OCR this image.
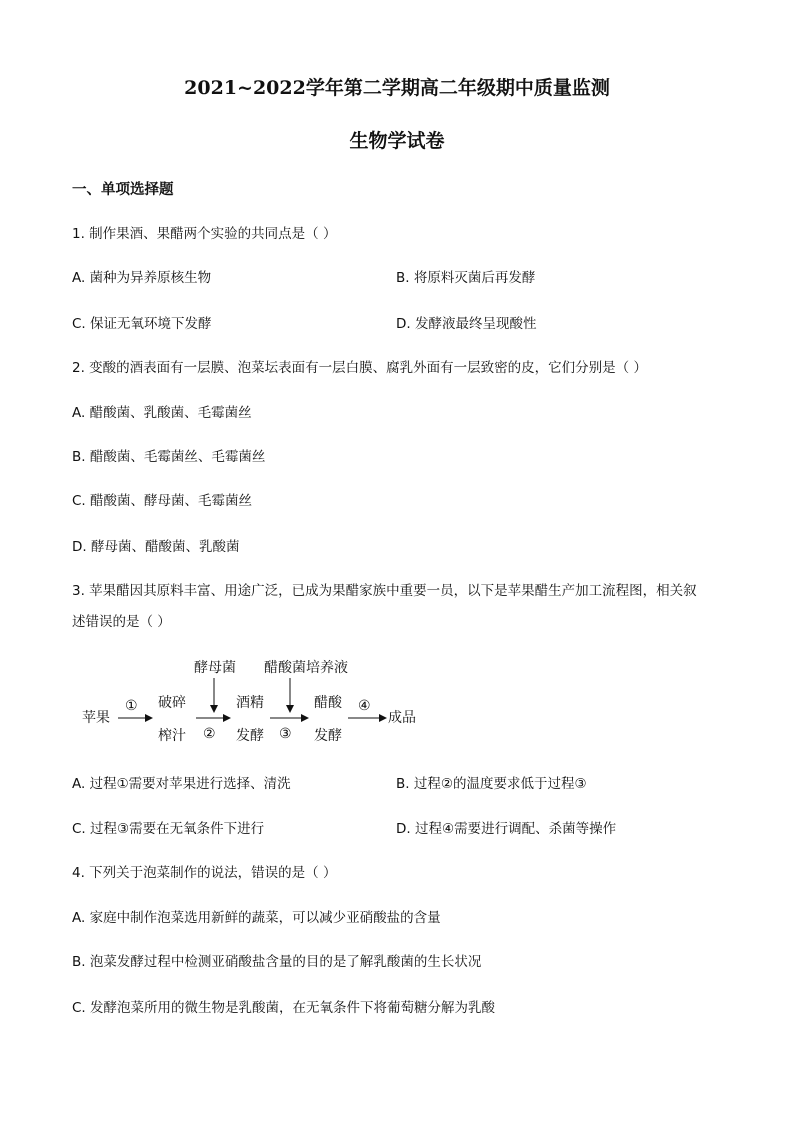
2021~2022学年第二学期高二年级期中质量监测
生物学试卷
一、单项选择题
1. 制作果酒、果醋两个实验的共同点是（ ）
A. 菌种为异养原核生物	B. 将原料灭菌后再发酵
C. 保证无氧环境下发酵	D. 发酵液最终呈现酸性
2. 变酸的酒表面有一层膜、泡菜坛表面有一层白膜、腐乳外面有一层致密的皮，它们分别是（ ）
A. 醋酸菌、乳酸菌、毛霉菌丝
B. 醋酸菌、毛霉菌丝、毛霉菌丝
C. 醋酸菌、酵母菌、毛霉菌丝
D. 酵母菌、醋酸菌、乳酸菌
3. 苹果醋因其原料丰富、用途广泛，已成为果醋家族中重要一员，以下是苹果醋生产加工流程图，相关叙
述错误的是（ ）
苹果
① 破碎
榨汁
酵母菌
②
酒精
发酵
醋酸菌培养液
③
醋酸
发酵
④
成品
A. 过程①需要对苹果进行选择、清洗	B. 过程②的温度要求低于过程③
C. 过程③需要在无氧条件下进行	D. 过程④需要进行调配、杀菌等操作
4. 下列关于泡菜制作的说法，错误的是（ ）
A. 家庭中制作泡菜选用新鲜的蔬菜，可以减少亚硝酸盐的含量
B. 泡菜发酵过程中检测亚硝酸盐含量的目的是了解乳酸菌的生长状况
C. 发酵泡菜所用的微生物是乳酸菌，在无氧条件下将葡萄糖分解为乳酸
